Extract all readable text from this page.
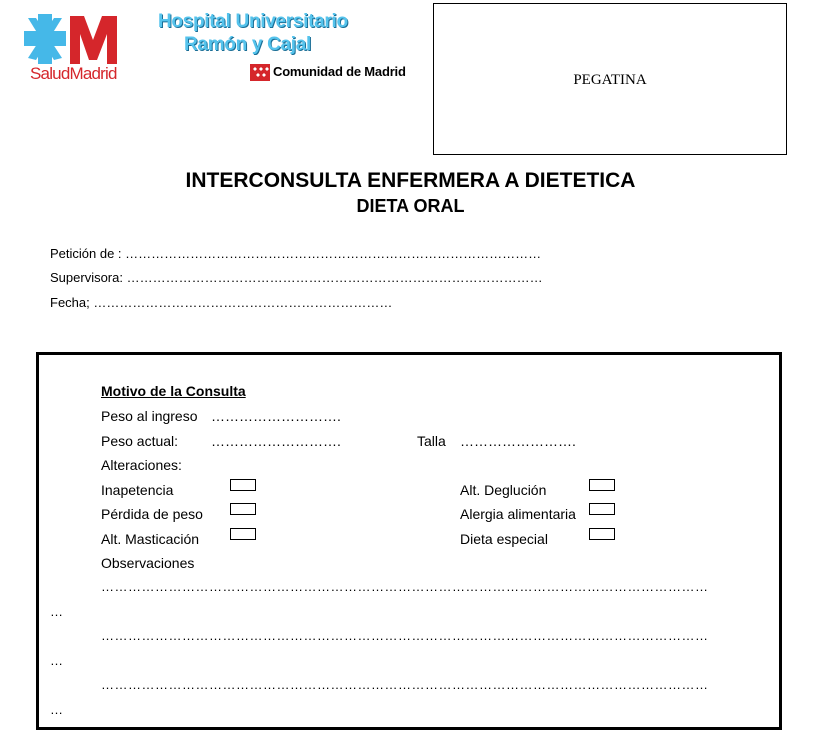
SaludMadrid
Hospital Universitario
Ramón y Cajal
Comunidad de Madrid
PEGATINA
INTERCONSULTA ENFERMERA A DIETETICA
DIETA ORAL
Petición de : ……………………………………………………………………………………
Supervisora: ……………………………………………………………………………………
Fecha; ……………………………………………………………
Motivo de la Consulta
Peso al ingreso ……………………….
Peso actual: ……………………….	Talla …………………….
Alteraciones:
Inapetencia
Pérdida de peso
Alt. Masticación
Alt. Deglución
Alergia alimentaria
Dieta especial
Observaciones
………………………………………………………………………………………………………………………
…
………………………………………………………………………………………………………………………
…
………………………………………………………………………………………………………………………
…
